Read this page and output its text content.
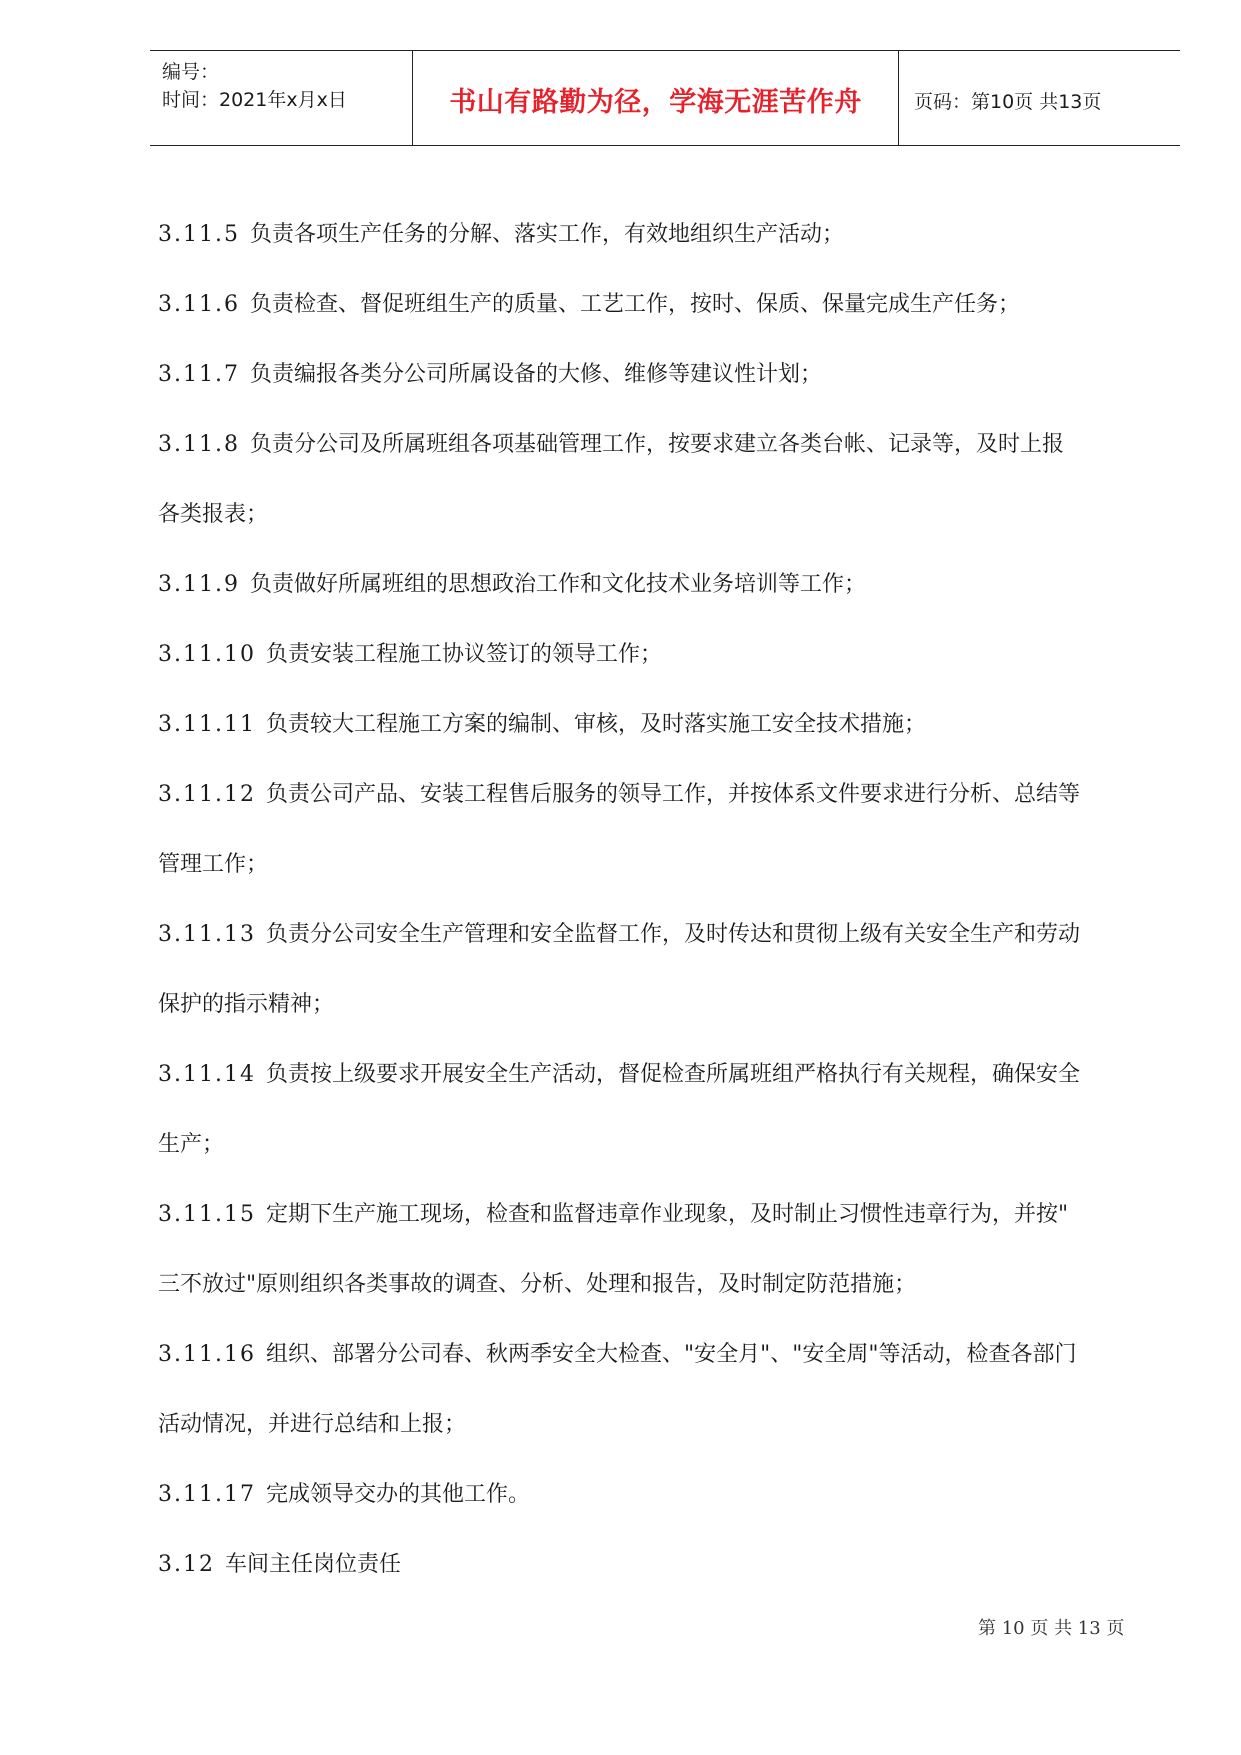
编号：
时间：2021年x月x日	书山有路勤为径，学海无涯苦作舟	页码：第10页 共13页

3.11.5 负责各项生产任务的分解、落实工作，有效地组织生产活动；

3.11.6 负责检查、督促班组生产的质量、工艺工作，按时、保质、保量完成生产任务；

3.11.7 负责编报各类分公司所属设备的大修、维修等建议性计划；

3.11.8 负责分公司及所属班组各项基础管理工作，按要求建立各类台帐、记录等，及时上报
各类报表；

3.11.9 负责做好所属班组的思想政治工作和文化技术业务培训等工作；

3.11.10 负责安装工程施工协议签订的领导工作；

3.11.11 负责较大工程施工方案的编制、审核，及时落实施工安全技术措施；

3.11.12 负责公司产品、安装工程售后服务的领导工作，并按体系文件要求进行分析、总结等
管理工作；

3.11.13 负责分公司安全生产管理和安全监督工作，及时传达和贯彻上级有关安全生产和劳动
保护的指示精神；

3.11.14 负责按上级要求开展安全生产活动，督促检查所属班组严格执行有关规程，确保安全
生产；

3.11.15 定期下生产施工现场，检查和监督违章作业现象，及时制止习惯性违章行为，并按"
三不放过"原则组织各类事故的调查、分析、处理和报告，及时制定防范措施；

3.11.16 组织、部署分公司春、秋两季安全大检查、"安全月"、"安全周"等活动，检查各部门
活动情况，并进行总结和上报；

3.11.17 完成领导交办的其他工作。

3.12 车间主任岗位责任

第 10 页 共 13 页
